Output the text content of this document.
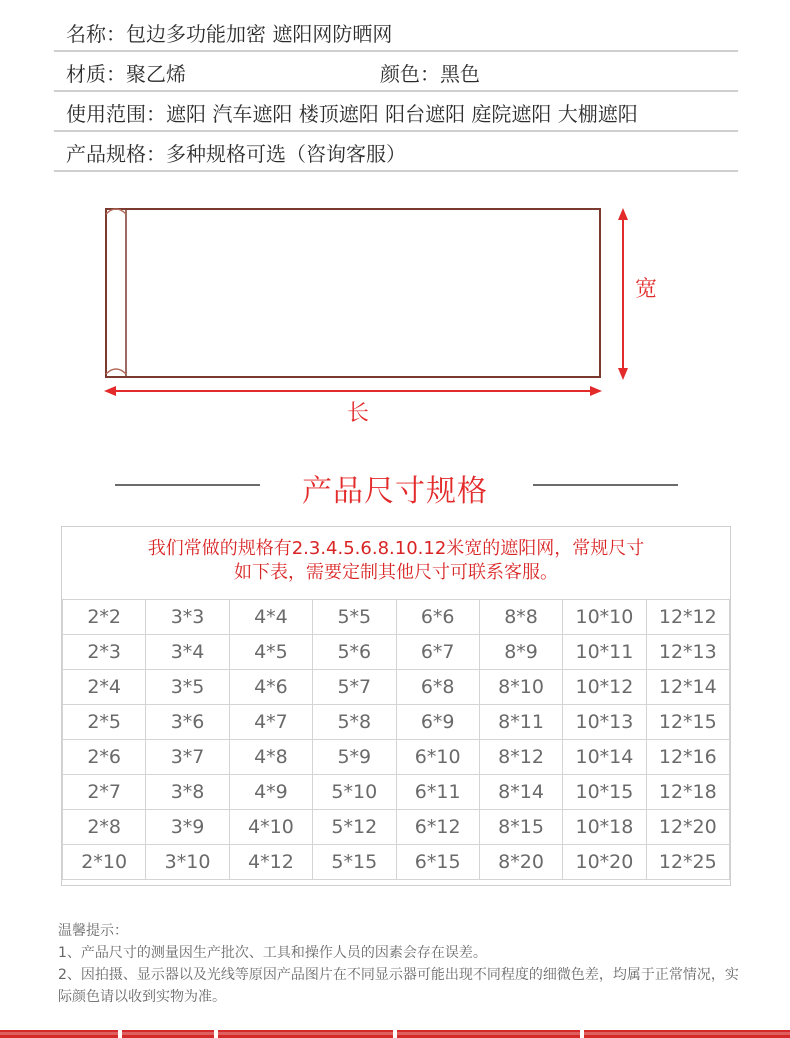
名称：包边多功能加密 遮阳网防晒网
材质：聚乙烯	颜色：黑色
使用范围：遮阳 汽车遮阳 楼顶遮阳 阳台遮阳 庭院遮阳 大棚遮阳
产品规格：多种规格可选（咨询客服）
宽
长
产品尺寸规格
我们常做的规格有2.3.4.5.6.8.10.12米宽的遮阳网，常规尺寸
如下表，需要定制其他尺寸可联系客服。
2*2	3*3	4*4	5*5	6*6	8*8	10*10	12*12
2*3	3*4	4*5	5*6	6*7	8*9	10*11	12*13
2*4	3*5	4*6	5*7	6*8	8*10	10*12	12*14
2*5	3*6	4*7	5*8	6*9	8*11	10*13	12*15
2*6	3*7	4*8	5*9	6*10	8*12	10*14	12*16
2*7	3*8	4*9	5*10	6*11	8*14	10*15	12*18
2*8	3*9	4*10	5*12	6*12	8*15	10*18	12*20
2*10	3*10	4*12	5*15	6*15	8*20	10*20	12*25
温馨提示：
1、产品尺寸的测量因生产批次、工具和操作人员的因素会存在误差。
2、因拍摄、显示器以及光线等原因产品图片在不同显示器可能出现不同程度的细微色差，均属于正常情况，实际颜色请以收到实物为准。
